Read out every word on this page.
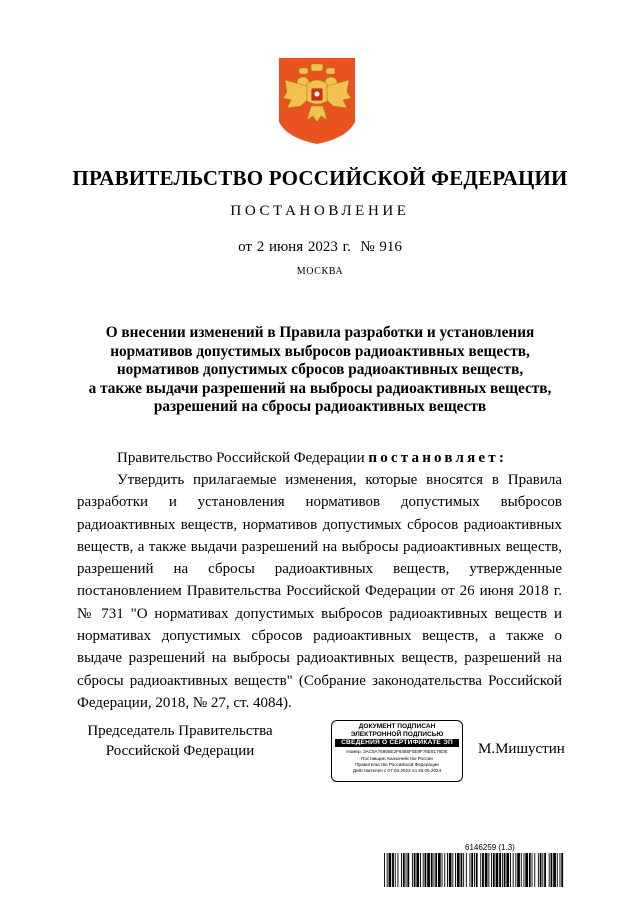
ПРАВИТЕЛЬСТВО РОССИЙСКОЙ ФЕДЕРАЦИИ
ПОСТАНОВЛЕНИЕ
от 2 июня 2023 г.  № 916
МОСКВА
О внесении изменений в Правила разработки и установления
нормативов допустимых выбросов радиоактивных веществ,
нормативов допустимых сбросов радиоактивных веществ,
а также выдачи разрешений на выбросы радиоактивных веществ,
разрешений на сбросы радиоактивных веществ
Правительство Российской Федерации постановляет:
Утвердить прилагаемые изменения, которые вносятся в Правила разработки и установления нормативов допустимых выбросов радиоактивных веществ, нормативов допустимых сбросов радиоактивных веществ, а также выдачи разрешений на выбросы радиоактивных веществ, разрешений на сбросы радиоактивных веществ, утвержденные постановлением Правительства Российской Федерации от 26 июня 2018 г. № 731 "О нормативах допустимых выбросов радиоактивных веществ и нормативах допустимых сбросов радиоактивных веществ, а также о выдаче разрешений на выбросы радиоактивных веществ, разрешений на сбросы радиоактивных веществ" (Собрание законодательства Российской Федерации, 2018, № 27, ст. 4084).
Председатель Правительства
Российской Федерации
ДОКУМЕНТ ПОДПИСАН
ЭЛЕКТРОННОЙ ПОДПИСЬЮ
СВЕДЕНИЯ О СЕРТИФИКАТЕ ЭП
Номер: 3AC8A76905E2F6465F0E8F76E8176DE
Поставщик: Казначейство России
Правительство Российской Федерации
Действителен с 07.03.2023 по 30.05.2024
М.Мишустин
6146259 (1.3)
